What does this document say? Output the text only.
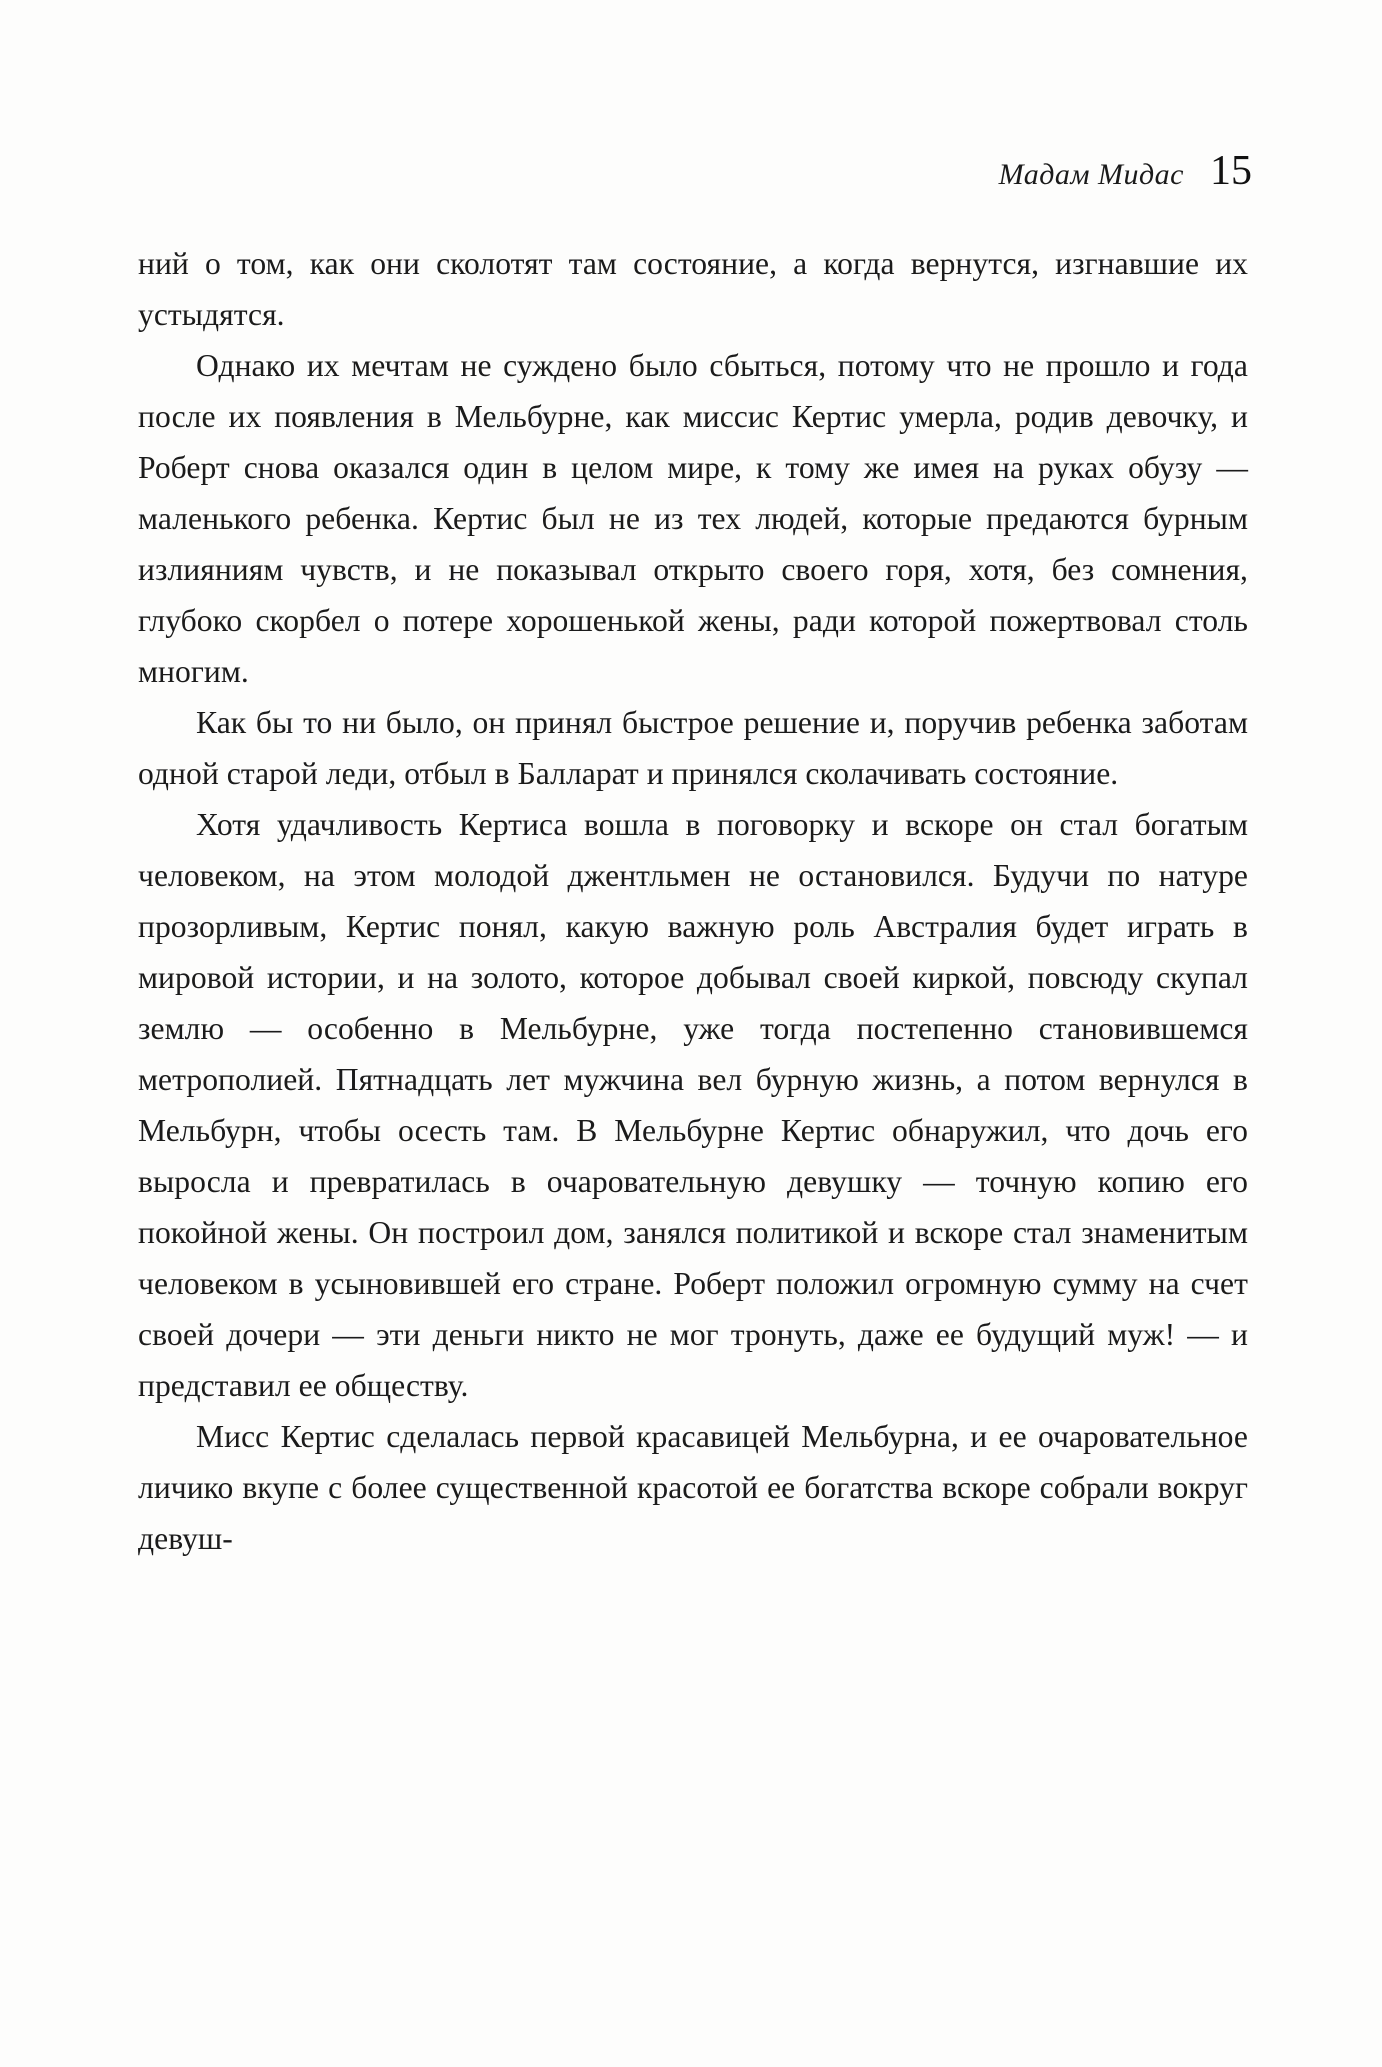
Мадам Мидас 15

ний о том, как они сколотят там состояние, а когда вернутся, изгнавшие их устыдятся.

Однако их мечтам не суждено было сбыться, потому что не прошло и года после их появления в Мельбурне, как миссис Кертис умерла, родив девочку, и Роберт снова оказался один в целом мире, к тому же имея на руках обузу — маленького ребенка. Кертис был не из тех людей, которые предаются бурным излияниям чувств, и не показывал открыто своего горя, хотя, без сомнения, глубоко скорбел о потере хорошенькой жены, ради которой пожертвовал столь многим.

Как бы то ни было, он принял быстрое решение и, поручив ребенка заботам одной старой леди, отбыл в Балларат и принялся сколачивать состояние.

Хотя удачливость Кертиса вошла в поговорку и вскоре он стал богатым человеком, на этом молодой джентльмен не остановился. Будучи по натуре прозорливым, Кертис понял, какую важную роль Австралия будет играть в мировой истории, и на золото, которое добывал своей киркой, повсюду скупал землю — особенно в Мельбурне, уже тогда постепенно становившемся метрополией. Пятнадцать лет мужчина вел бурную жизнь, а потом вернулся в Мельбурн, чтобы осесть там. В Мельбурне Кертис обнаружил, что дочь его выросла и превратилась в очаровательную девушку — точную копию его покойной жены. Он построил дом, занялся политикой и вскоре стал знаменитым человеком в усыновившей его стране. Роберт положил огромную сумму на счет своей дочери — эти деньги никто не мог тронуть, даже ее будущий муж! — и представил ее обществу.

Мисс Кертис сделалась первой красавицей Мельбурна, и ее очаровательное личико вкупе с более существенной красотой ее богатства вскоре собрали вокруг девуш-
